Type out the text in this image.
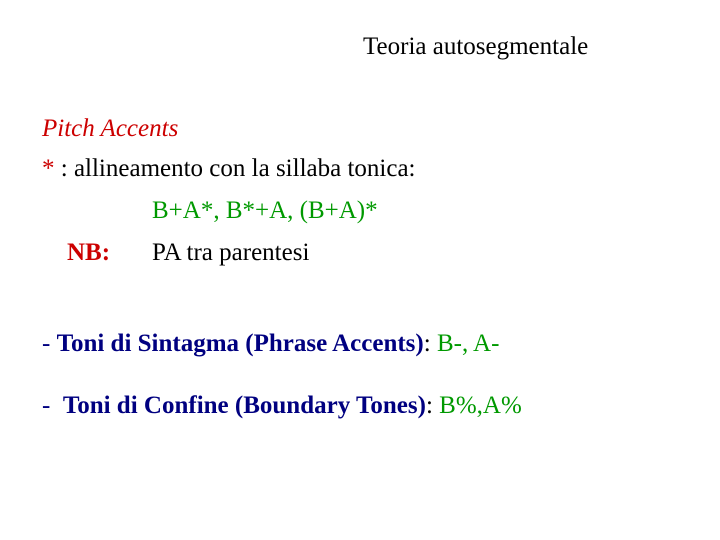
Teoria autosegmentale
Pitch Accents
* : allineamento con la sillaba tonica:
B+A*, B*+A, (B+A)*
NB: PA tra parentesi
- Toni di Sintagma (Phrase Accents): B-, A-
-  Toni di Confine (Boundary Tones): B%,A%
